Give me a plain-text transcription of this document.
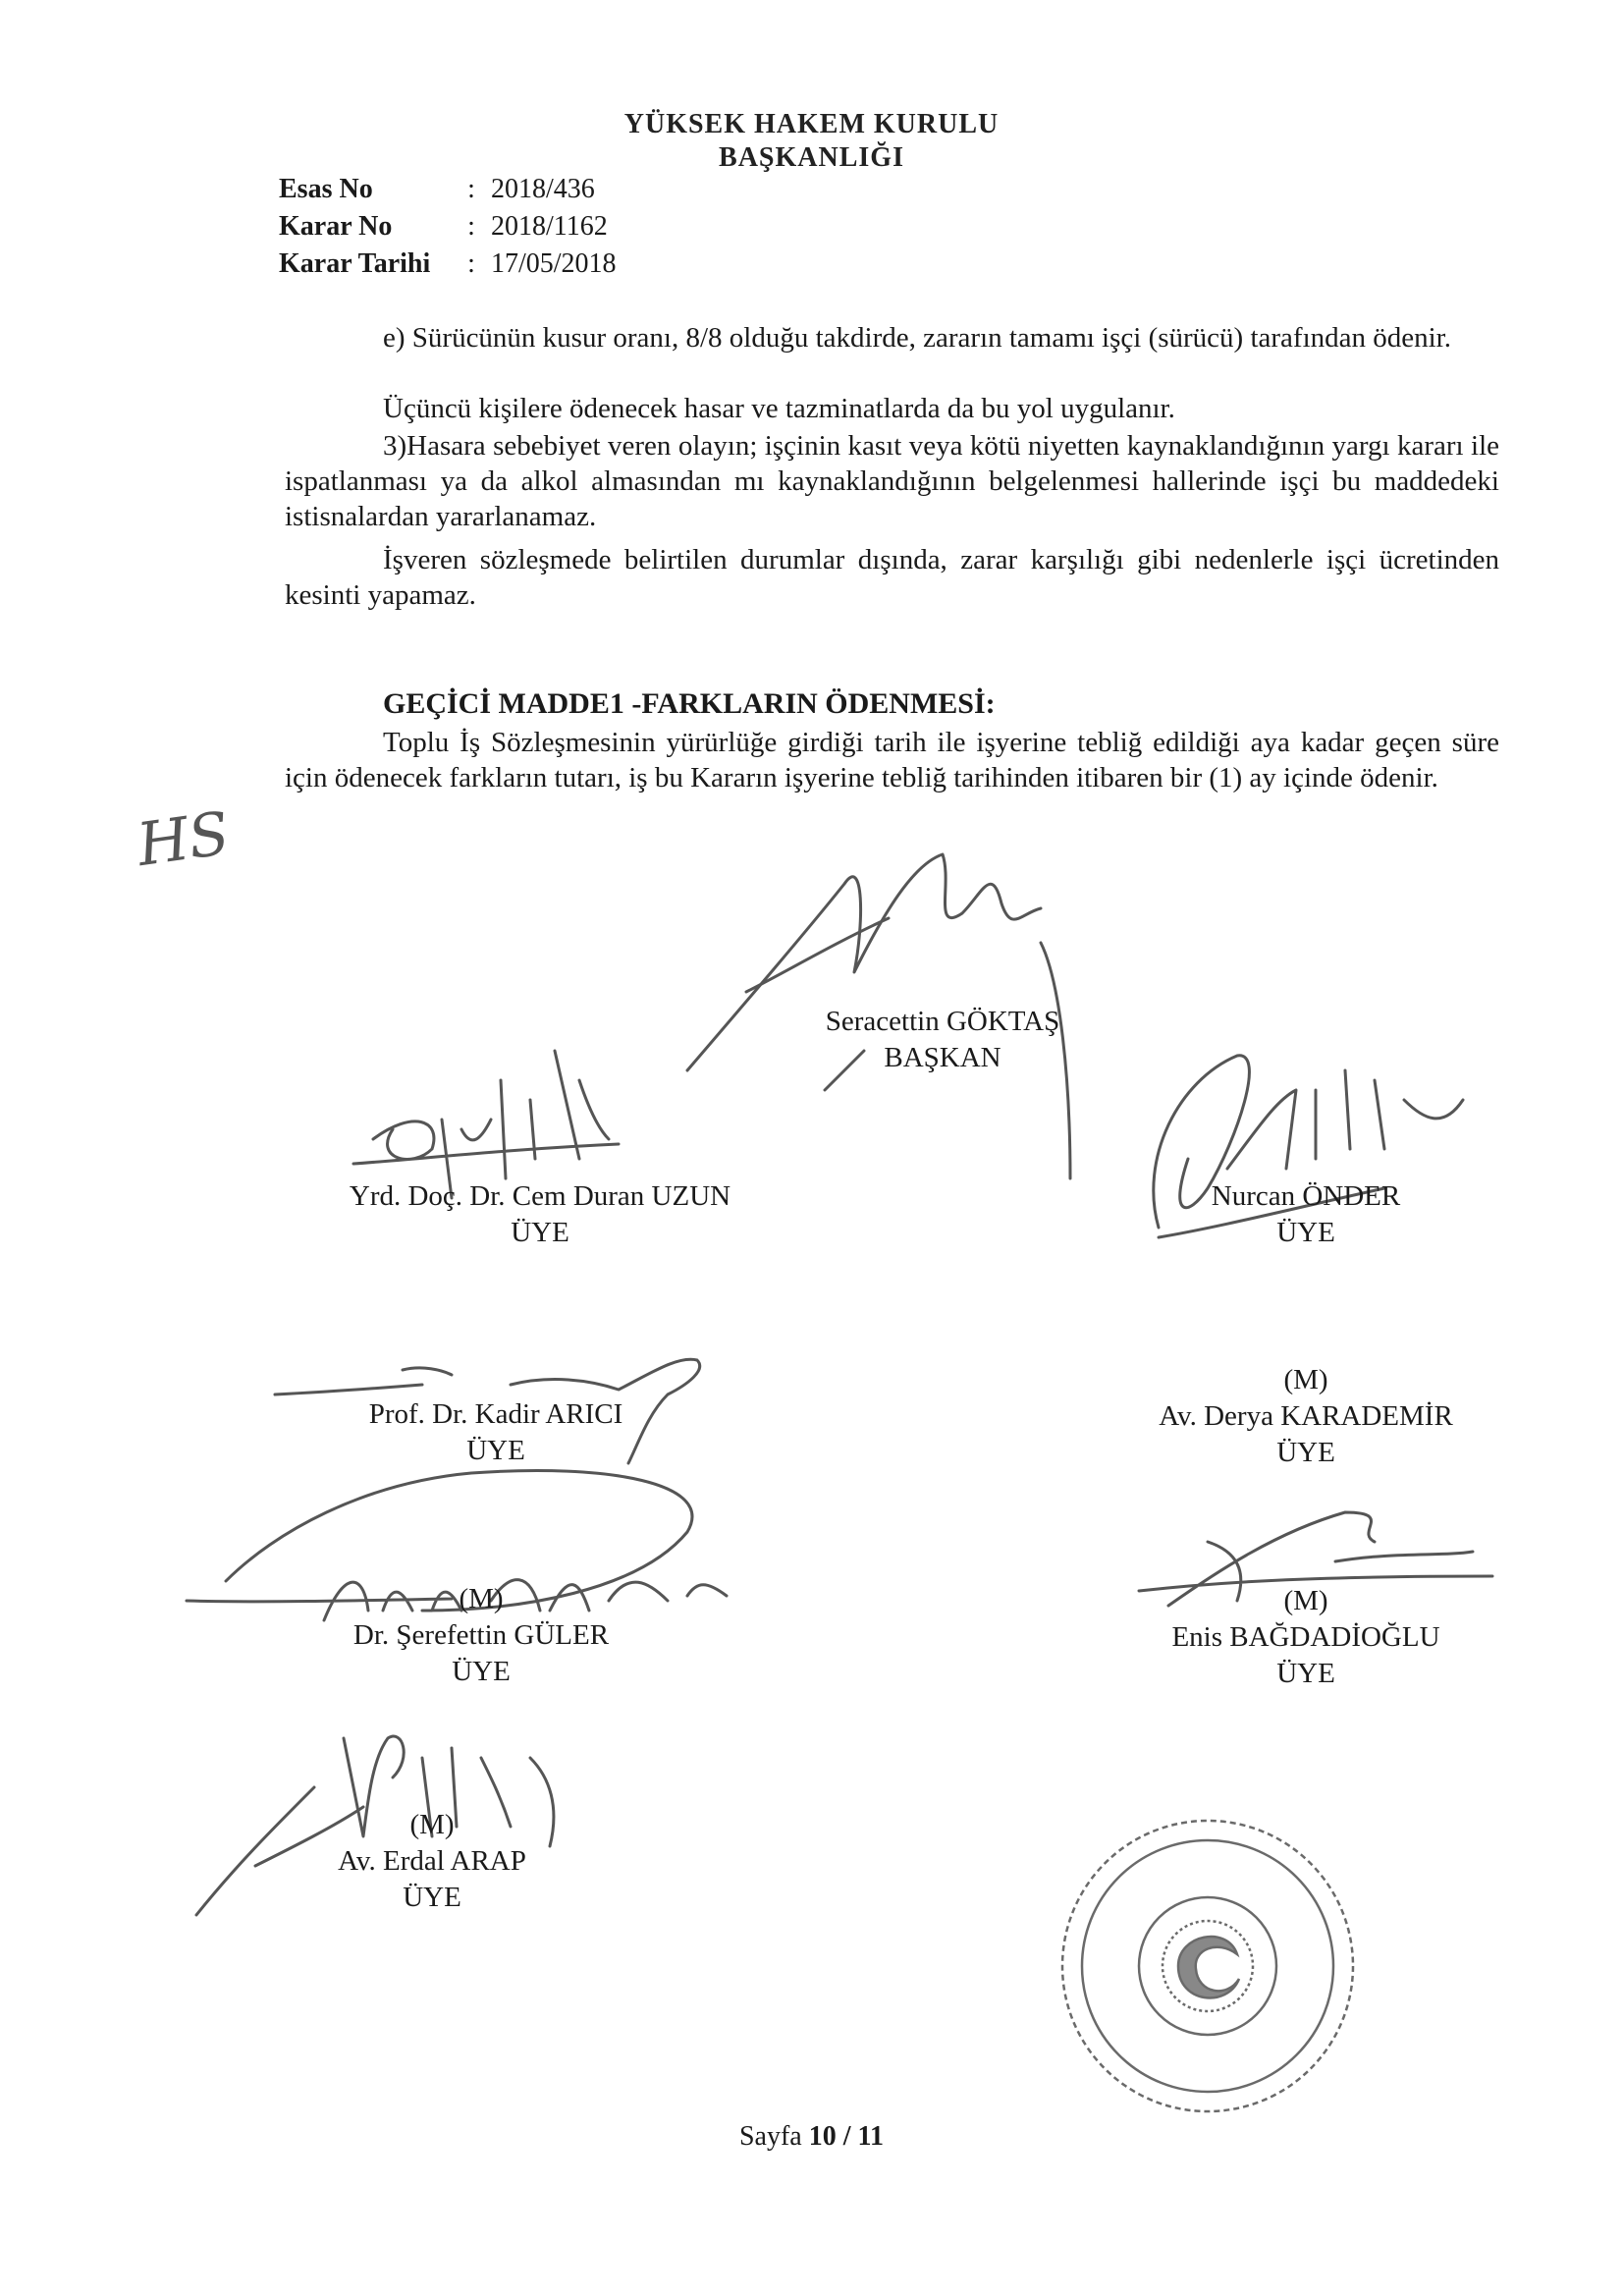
YÜKSEK HAKEM KURULU
BAŞKANLIĞI
Esas No	: 2018/436
Karar No	: 2018/1162
Karar Tarihi : 17/05/2018
e) Sürücünün kusur oranı, 8/8 olduğu takdirde, zararın tamamı işçi (sürücü) tarafından ödenir.
Üçüncü kişilere ödenecek hasar ve tazminatlarda da bu yol uygulanır.
3)Hasara sebebiyet veren olayın; işçinin kasıt veya kötü niyetten kaynaklandığının yargı kararı ile ispatlanması ya da alkol almasından mı kaynaklandığının belgelenmesi hallerinde işçi bu maddedeki istisnalardan yararlanamaz.
İşveren sözleşmede belirtilen durumlar dışında, zarar karşılığı gibi nedenlerle işçi ücretinden kesinti yapamaz.
GEÇİCİ MADDE1 -FARKLARIN ÖDENMESİ:
Toplu İş Sözleşmesinin yürürlüğe girdiği tarih ile işyerine tebliğ edildiği aya kadar geçen süre için ödenecek farkların tutarı, iş bu Kararın işyerine tebliğ tarihinden itibaren bir (1) ay içinde ödenir.
HS
Seracettin GÖKTAŞ
BAŞKAN
Yrd. Doç. Dr. Cem Duran UZUN
ÜYE
Nurcan ÖNDER
ÜYE
Prof. Dr. Kadir ARICI
ÜYE
(M)
Av. Derya KARADEMİR
ÜYE
(M)
Dr. Şerefettin GÜLER
ÜYE
(M)
Enis BAĞDADİOĞLU
ÜYE
(M)
Av. Erdal ARAP
ÜYE
Sayfa 10 / 11
